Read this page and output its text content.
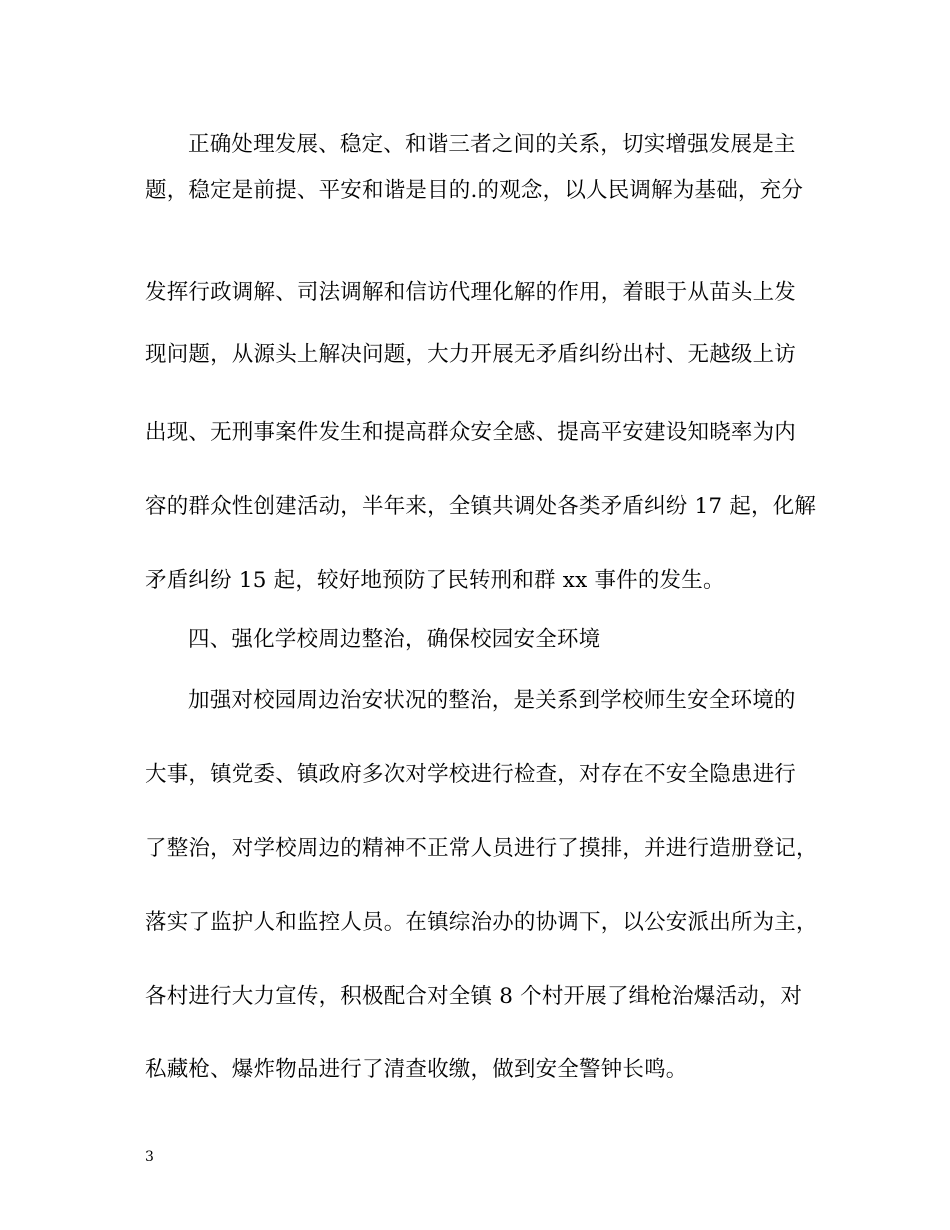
正确处理发展、稳定、和谐三者之间的关系，切实增强发展是主
题，稳定是前提、平安和谐是目的.的观念，以人民调解为基础，充分
发挥行政调解、司法调解和信访代理化解的作用，着眼于从苗头上发
现问题，从源头上解决问题，大力开展无矛盾纠纷出村、无越级上访
出现、无刑事案件发生和提高群众安全感、提高平安建设知晓率为内
容的群众性创建活动，半年来，全镇共调处各类矛盾纠纷 17 起，化解
矛盾纠纷 15 起，较好地预防了民转刑和群 xx 事件的发生。
四、强化学校周边整治，确保校园安全环境
加强对校园周边治安状况的整治，是关系到学校师生安全环境的
大事，镇党委、镇政府多次对学校进行检查，对存在不安全隐患进行
了整治，对学校周边的精神不正常人员进行了摸排，并进行造册登记，
落实了监护人和监控人员。在镇综治办的协调下，以公安派出所为主，
各村进行大力宣传，积极配合对全镇 8 个村开展了缉枪治爆活动，对
私藏枪、爆炸物品进行了清查收缴，做到安全警钟长鸣。
3
